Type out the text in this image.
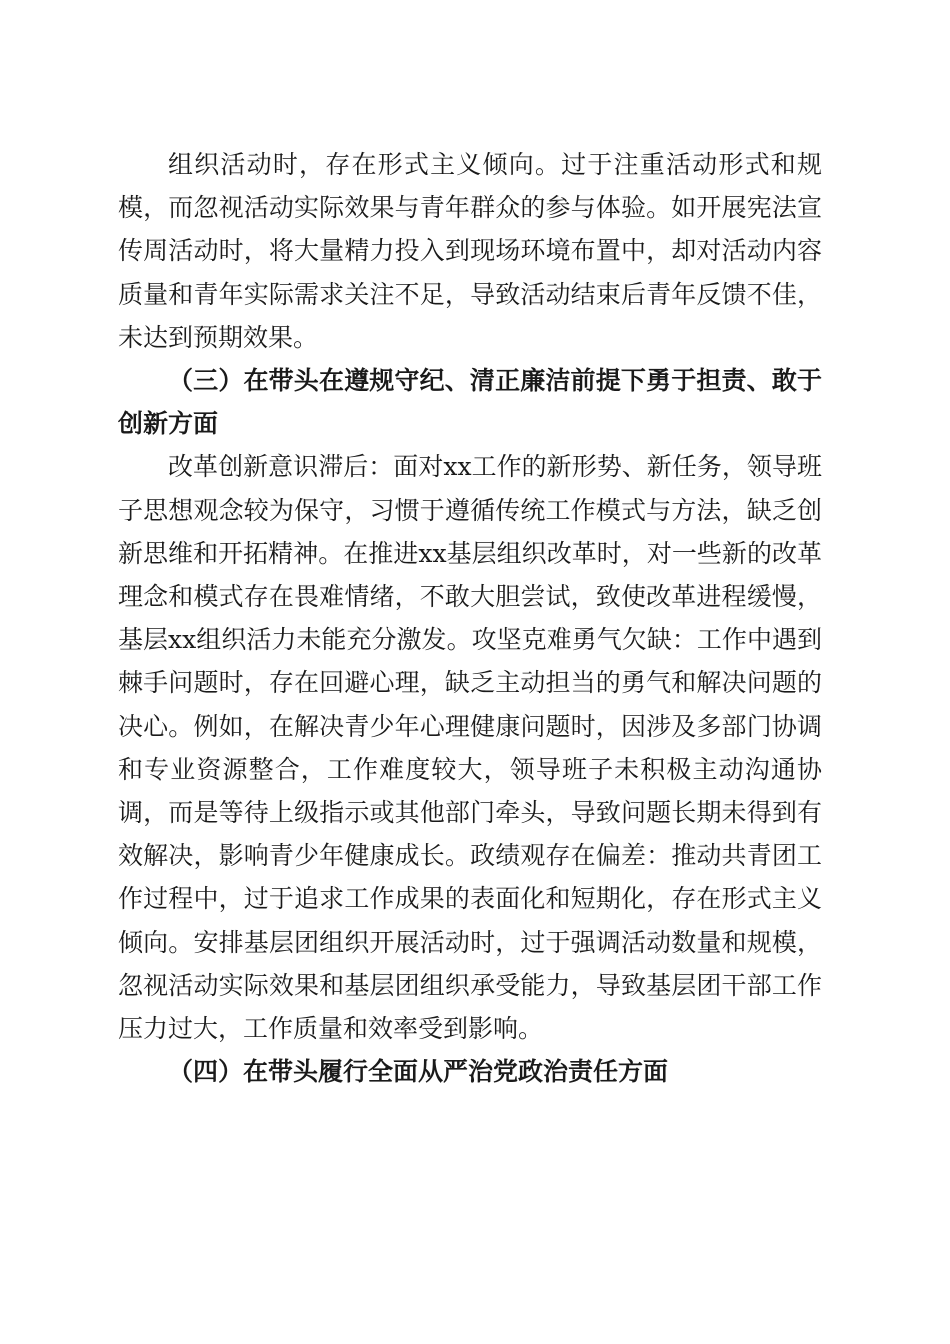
组织活动时，存在形式主义倾向。过于注重活动形式和规模，而忽视活动实际效果与青年群众的参与体验。如开展宪法宣传周活动时，将大量精力投入到现场环境布置中，却对活动内容质量和青年实际需求关注不足，导致活动结束后青年反馈不佳，未达到预期效果。

（三）在带头在遵规守纪、清正廉洁前提下勇于担责、敢于创新方面

改革创新意识滞后：面对xx工作的新形势、新任务，领导班子思想观念较为保守，习惯于遵循传统工作模式与方法，缺乏创新思维和开拓精神。在推进xx基层组织改革时，对一些新的改革理念和模式存在畏难情绪，不敢大胆尝试，致使改革进程缓慢，基层xx组织活力未能充分激发。攻坚克难勇气欠缺：工作中遇到棘手问题时，存在回避心理，缺乏主动担当的勇气和解决问题的决心。例如，在解决青少年心理健康问题时，因涉及多部门协调和专业资源整合，工作难度较大，领导班子未积极主动沟通协调，而是等待上级指示或其他部门牵头，导致问题长期未得到有效解决，影响青少年健康成长。政绩观存在偏差：推动共青团工作过程中，过于追求工作成果的表面化和短期化，存在形式主义倾向。安排基层团组织开展活动时，过于强调活动数量和规模，忽视活动实际效果和基层团组织承受能力，导致基层团干部工作压力过大，工作质量和效率受到影响。

（四）在带头履行全面从严治党政治责任方面
